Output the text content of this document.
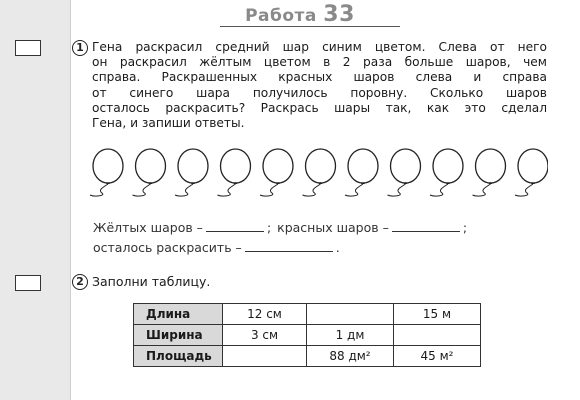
Работа 33
1 Гена раскрасил средний шар синим цветом. Слева от него
он раскрасил жёлтым цветом в 2 раза больше шаров, чем
справа. Раскрашенных красных шаров слева и справа
от синего шара получилось поровну. Сколько шаров
осталось раскрасить? Раскрась шары так, как это сделал
Гена, и запиши ответы.
Жёлтых шаров –	; красных шаров –	;
осталось раскрасить –	.
2 Заполни таблицу.
Длина	12 см		15 м
Ширина	3 см	1 дм	
Площадь		88 дм²	45 м²
